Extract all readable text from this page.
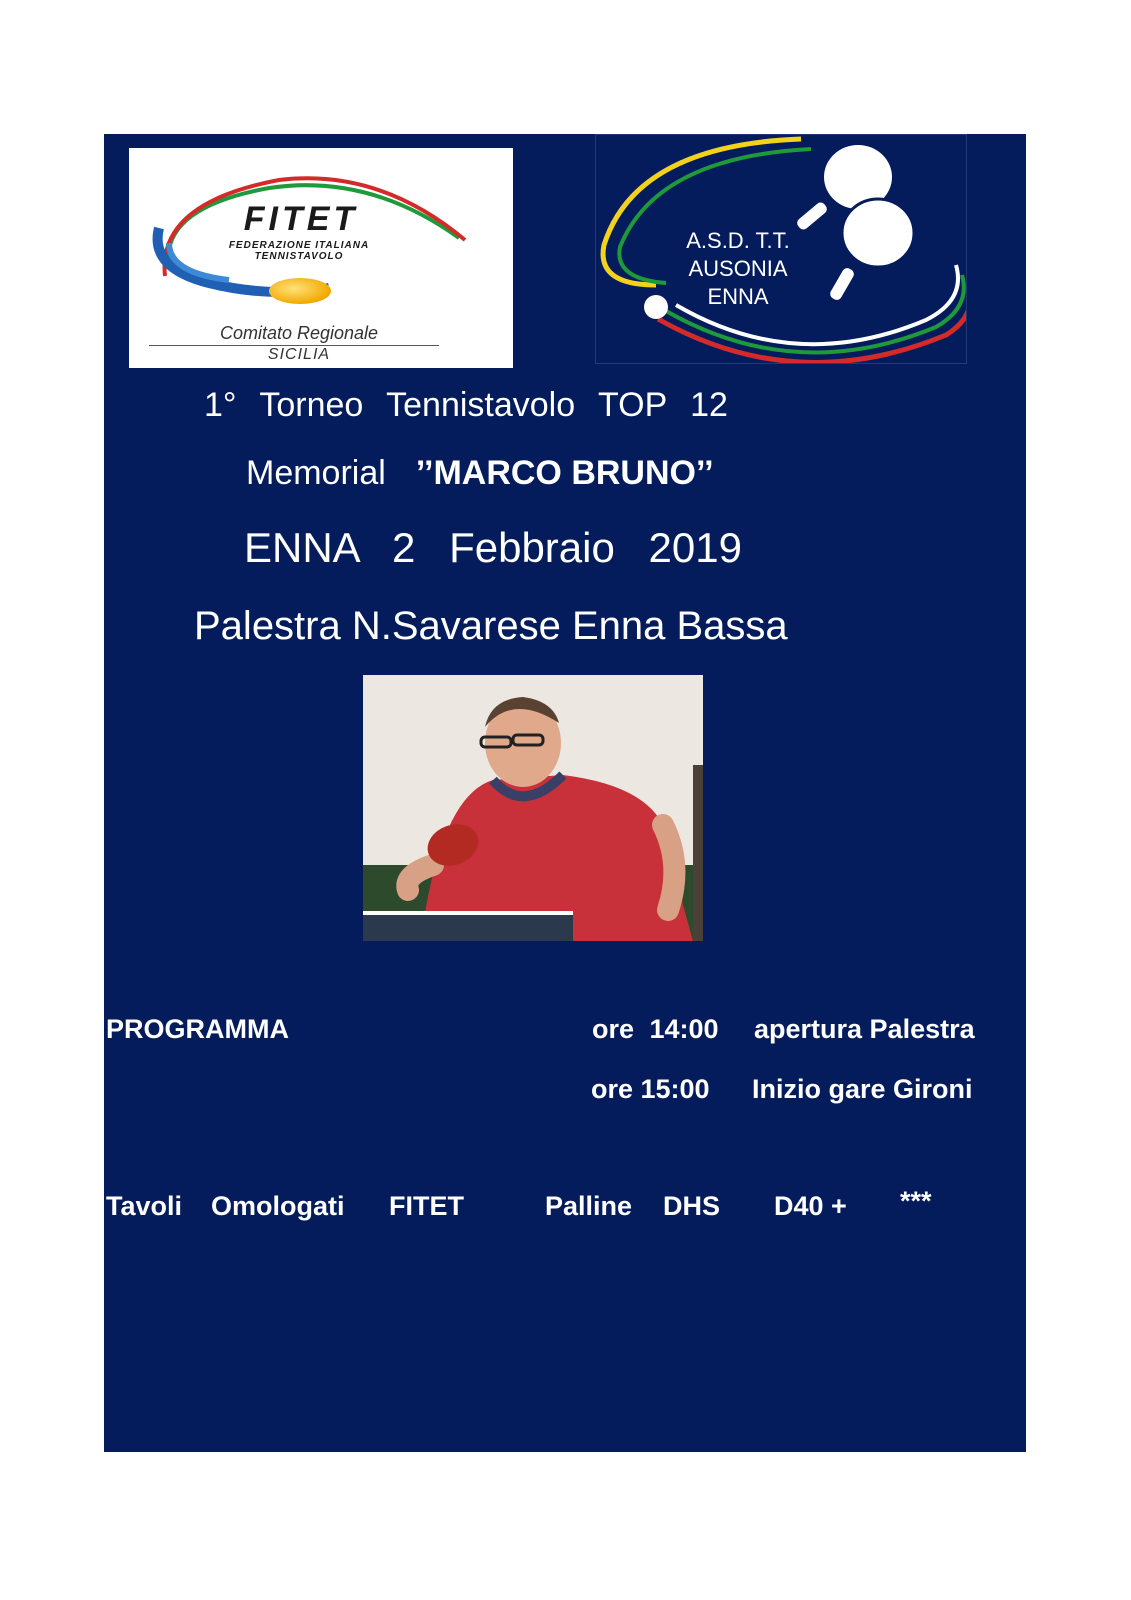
FITET
FEDERAZIONE ITALIANA TENNISTAVOLO
Comitato Regionale
SICILIA
A.S.D. T.T.
AUSONIA
ENNA
1° Torneo Tennistavolo TOP 12
Memorial ’’MARCO BRUNO’’
ENNA 2 Febbraio 2019
Palestra N.Savarese Enna Bassa
PROGRAMMA	ore 14:00 apertura Palestra
ore 15:00 Inizio gare Gironi
Tavoli Omologati FITET	Palline DHS D40 + ***
